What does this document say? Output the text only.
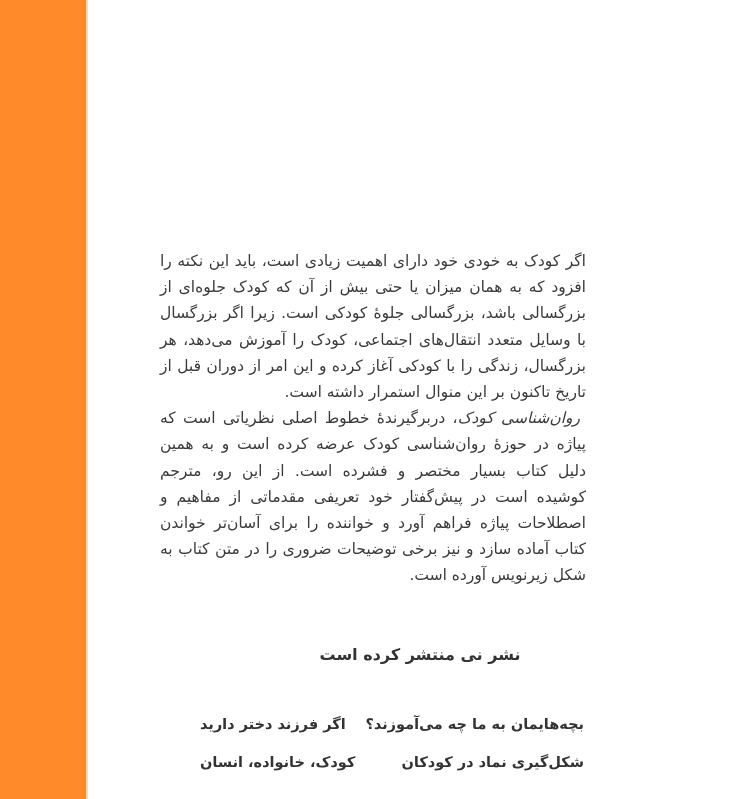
اگر کودک به خودی خود دارای اهمیت زیادی است، باید این نکته را افزود که به همان میزان یا حتی بیش از آن که کودک جلوه‌ای از بزرگسالی باشد، بزرگسالی جلوهٔ کودکی است. زیرا اگر بزرگسال با وسایل متعدد انتقال‌های اجتماعی، کودک را آموزش می‌دهد، هر بزرگسال، زندگی را با کودکی آغاز کرده و این امر از دوران قبل از تاریخ تاکنون بر این منوال استمرار داشته است.

روان‌شناسی کودک، دربرگیرندهٔ خطوط اصلی نظریاتی است که پیاژه در حوزهٔ روان‌شناسی کودک عرضه کرده است و به همین دلیل کتاب بسیار مختصر و فشرده است. از این رو، مترجم کوشیده است در پیش‌گفتار خود تعریفی مقدماتی از مفاهیم و اصطلاحات پیاژه فراهم آورد و خواننده را برای آسان‌تر خواندن کتاب آماده سازد و نیز برخی توضیحات ضروری را در متن کتاب به شکل زیرنویس آورده است.

نشر نی منتشر کرده است
بچه‌هایمان به ما چه می‌آموزند؟
اگر فرزند دختر دارید
شکل‌گیری نماد در کودکان
کودک، خانواده، انسان
